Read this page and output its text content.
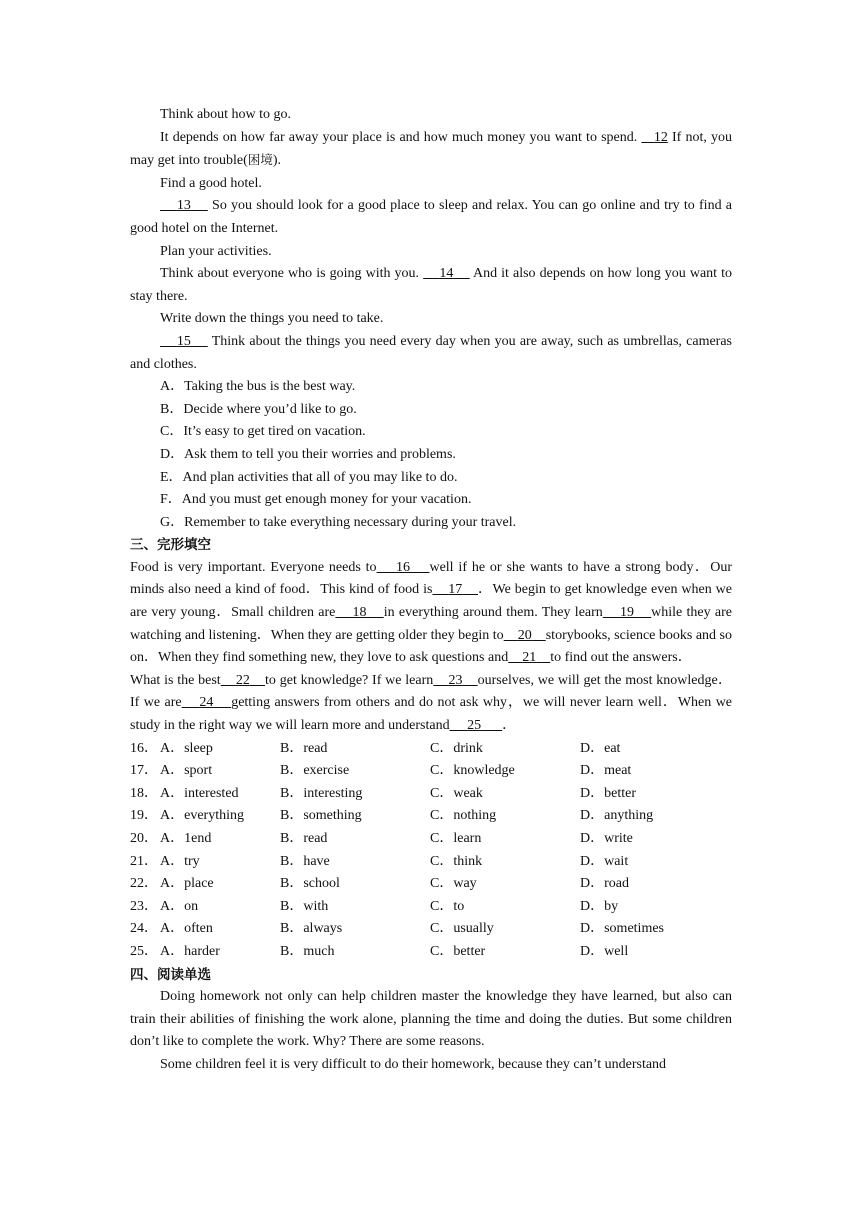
Think about how to go.

It depends on how far away your place is and how much money you want to spend.    12 If not, you may get into trouble(困境).

Find a good hotel.

13     So you should look for a good place to sleep and relax. You can go online and try to find a good hotel on the Internet.

Plan your activities.

Think about everyone who is going with you.     14     And it also depends on how long you want to stay there.

Write down the things you need to take.

15     Think about the things you need every day when you are away, such as umbrellas, cameras and clothes.

A．Taking the bus is the best way.

B．Decide where you’d like to go.

C．It’s easy to get tired on vacation.

D．Ask them to tell you their worries and problems.

E．And plan activities that all of you may like to do.

F．And you must get enough money for your vacation.

G．Remember to take everything necessary during your travel.

三、完形填空

Food is very important. Everyone needs to 16 well if he or she wants to have a strong body．Our minds also need a kind of food．This kind of food is 17 ．We begin to get knowledge even when we are very young．Small children are 18 in everything around them. They learn 19 while they are watching and listening．When they are getting older they begin to 20 storybooks, science books and so on．When they find something new, they love to ask questions and 21 to find out the answers．

What is the best 22 to get knowledge? If we learn 23 ourselves, we will get the most knowledge．If we are 24 getting answers from others and do not ask why，we will never learn well．When we study in the right way we will learn more and understand 25 ．

16． A．sleep	B．read	C．drink	D．eat
17． A．sport	B．exercise	C．knowledge	D．meat
18． A．interested	B．interesting	C．weak	D．better
19． A．everything	B．something	C．nothing	D．anything
20． A．1end	B．read	C．learn	D．write
21． A．try	B．have	C．think	D．wait
22． A．place	B．school	C．way	D．road
23． A．on	B．with	C．to	D．by
24． A．often	B．always	C．usually	D．sometimes
25． A．harder	B．much	C．better	D．well

四、阅读单选

Doing homework not only can help children master the knowledge they have learned, but also can train their abilities of finishing the work alone, planning the time and doing the duties. But some children don’t like to complete the work. Why? There are some reasons.

Some children feel it is very difficult to do their homework, because they can’t understand
